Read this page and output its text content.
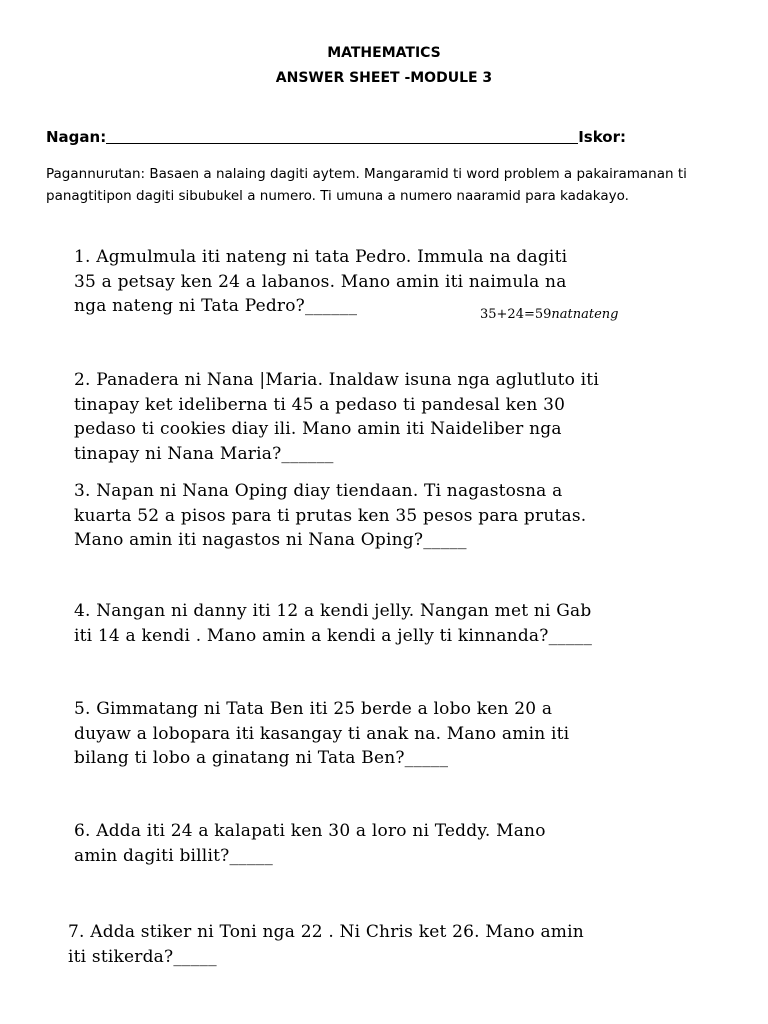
MATHEMATICS
ANSWER SHEET -MODULE 3
Nagan:	Iskor:
Pagannurutan: Basaen a nalaing dagiti aytem. Mangaramid ti word problem a pakairamanan ti panagtitipon dagiti sibubukel a numero. Ti umuna a numero naaramid para kadakayo.
1. Agmulmula iti nateng ni tata Pedro. Immula na dagiti
35 a petsay ken 24 a labanos. Mano amin iti naimula na
nga nateng ni Tata Pedro?______	35+24=59natnateng
2. Panadera ni Nana |Maria. Inaldaw isuna nga aglutluto iti
tinapay ket ideliberna ti 45 a pedaso ti pandesal ken 30
pedaso ti cookies diay ili. Mano amin iti Naideliber nga
tinapay ni Nana Maria?______
3. Napan ni Nana Oping diay tiendaan. Ti nagastosna a
kuarta 52 a pisos para ti prutas ken 35 pesos para prutas.
Mano amin iti nagastos ni Nana Oping?_____
4. Nangan ni danny iti 12 a kendi jelly. Nangan met ni Gab
iti 14 a kendi . Mano amin a kendi a jelly ti kinnanda?_____
5. Gimmatang ni Tata Ben iti 25 berde a lobo ken 20 a
duyaw a lobopara iti kasangay ti anak na. Mano amin iti
bilang ti lobo a ginatang ni Tata Ben?_____
6. Adda iti 24 a kalapati ken 30 a loro ni Teddy. Mano
amin dagiti billit?_____
7. Adda stiker ni Toni nga 22 . Ni Chris ket 26. Mano amin
iti stikerda?_____
